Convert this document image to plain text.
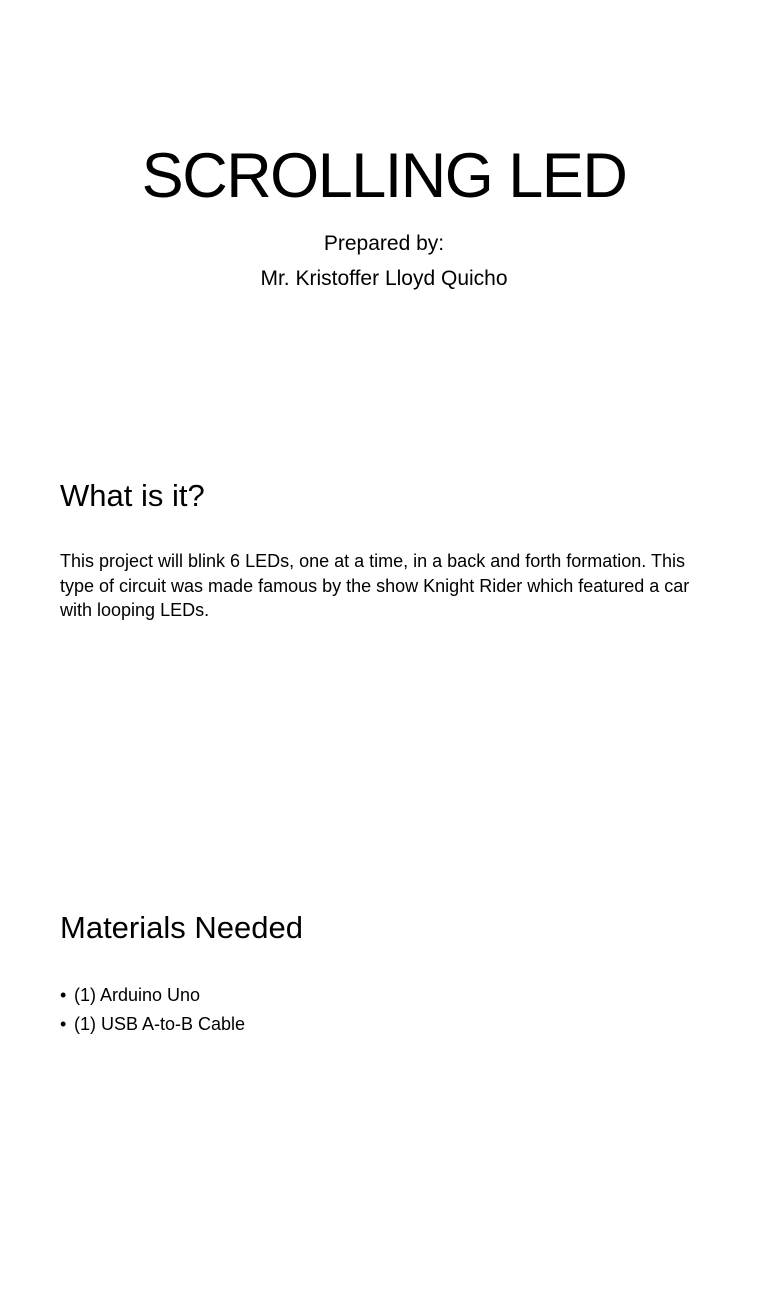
SCROLLING LED
Prepared by:
Mr. Kristoffer Lloyd Quicho
What is it?
This project will blink 6 LEDs, one at a time, in a back and forth formation. This type of circuit was made famous by the show Knight Rider which featured a car with looping LEDs.
Materials Needed
• (1) Arduino Uno
• (1) USB A-to-B Cable
